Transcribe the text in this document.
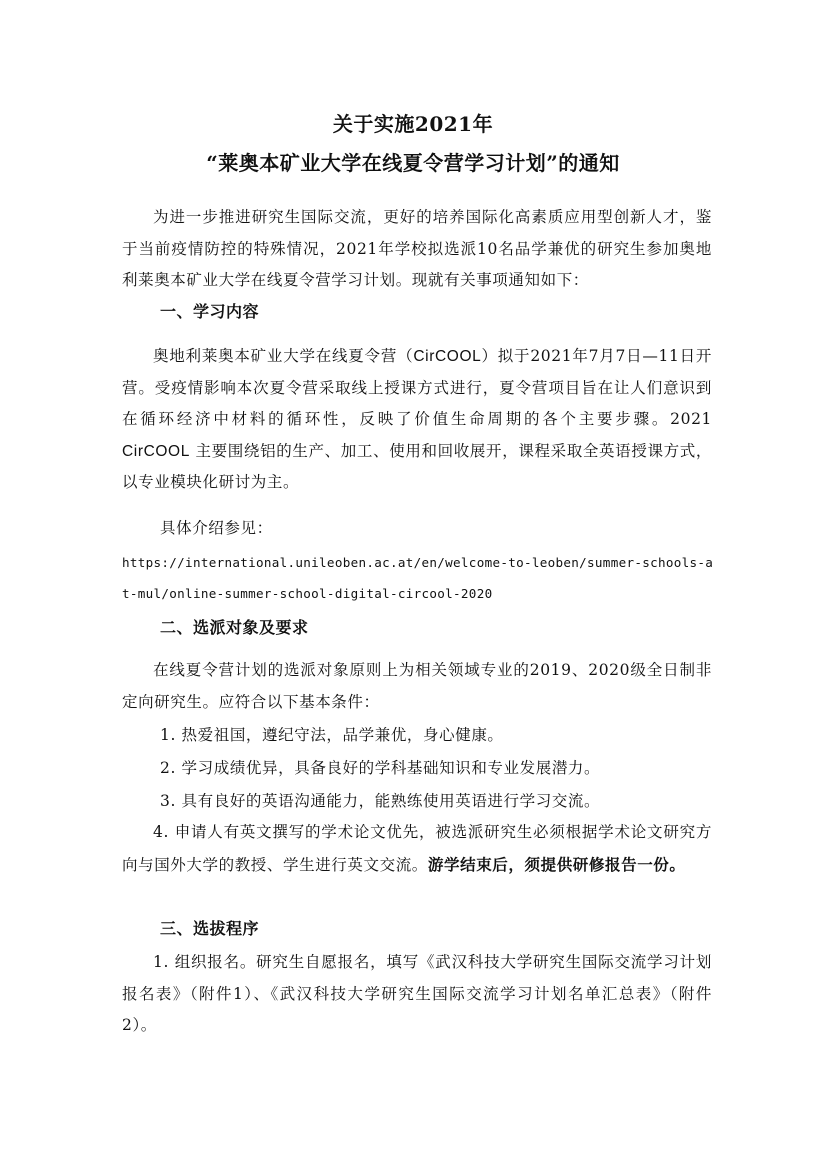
关于实施2021年
“莱奥本矿业大学在线夏令营学习计划”的通知
为进一步推进研究生国际交流，更好的培养国际化高素质应用型创新人才，鉴于当前疫情防控的特殊情况，2021年学校拟选派10名品学兼优的研究生参加奥地利莱奥本矿业大学在线夏令营学习计划。现就有关事项通知如下：
一、学习内容
奥地利莱奥本矿业大学在线夏令营（CirCOOL）拟于2021年7月7日—11日开营。受疫情影响本次夏令营采取线上授课方式进行，夏令营项目旨在让人们意识到在循环经济中材料的循环性，反映了价值生命周期的各个主要步骤。2021 CirCOOL 主要围绕铝的生产、加工、使用和回收展开，课程采取全英语授课方式，以专业模块化研讨为主。
具体介绍参见：
https://international.unileoben.ac.at/en/welcome-to-leoben/summer-schools-at-mul/online-summer-school-digital-circool-2020
二、选派对象及要求
在线夏令营计划的选派对象原则上为相关领域专业的2019、2020级全日制非定向研究生。应符合以下基本条件：
1. 热爱祖国，遵纪守法，品学兼优，身心健康。
2. 学习成绩优异，具备良好的学科基础知识和专业发展潜力。
3. 具有良好的英语沟通能力，能熟练使用英语进行学习交流。
4. 申请人有英文撰写的学术论文优先，被选派研究生必须根据学术论文研究方向与国外大学的教授、学生进行英文交流。游学结束后，须提供研修报告一份。
三、选拔程序
1. 组织报名。研究生自愿报名，填写《武汉科技大学研究生国际交流学习计划报名表》（附件1）、《武汉科技大学研究生国际交流学习计划名单汇总表》（附件2）。
